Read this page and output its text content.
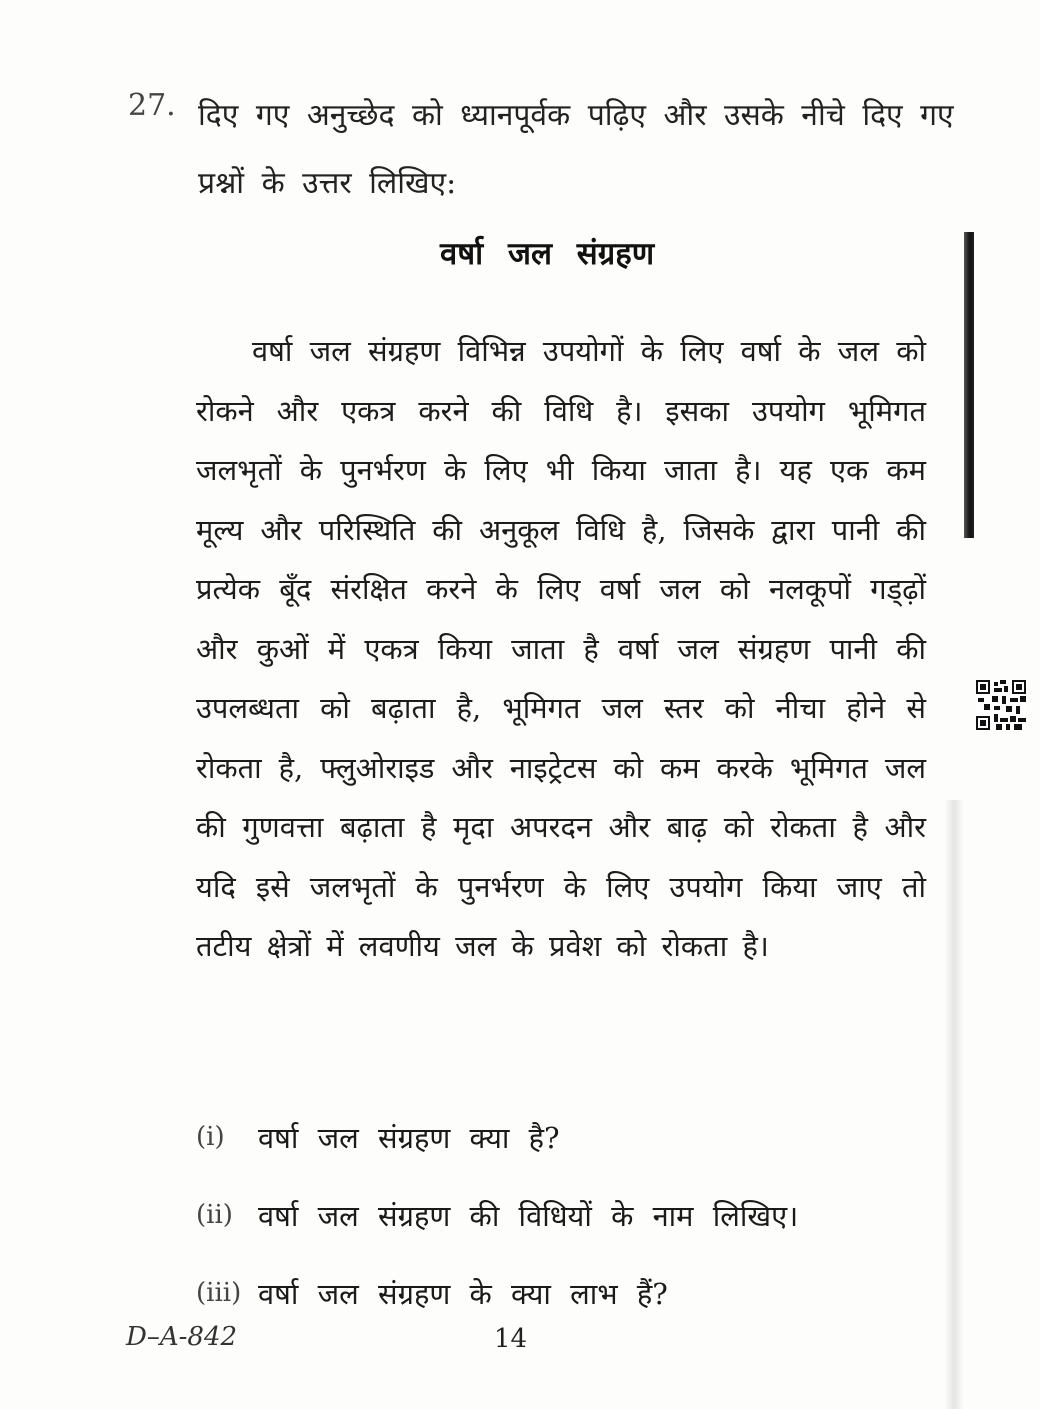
27. दिए गए अनुच्छेद को ध्यानपूर्वक पढ़िए और उसके नीचे दिए गए प्रश्नों के उत्तर लिखिए:
वर्षा जल संग्रहण
वर्षा जल संग्रहण विभिन्न उपयोगों के लिए वर्षा के जल को रोकने और एकत्र करने की विधि है। इसका उपयोग भूमिगत जलभृतों के पुनर्भरण के लिए भी किया जाता है। यह एक कम मूल्य और परिस्थिति की अनुकूल विधि है, जिसके द्वारा पानी की प्रत्येक बूँद संरक्षित करने के लिए वर्षा जल को नलकूपों गड्ढ़ों और कुओं में एकत्र किया जाता है वर्षा जल संग्रहण पानी की उपलब्धता को बढ़ाता है, भूमिगत जल स्तर को नीचा होने से रोकता है, फ्लुओराइड और नाइट्रेटस को कम करके भूमिगत जल की गुणवत्ता बढ़ाता है मृदा अपरदन और बाढ़ को रोकता है और यदि इसे जलभृतों के पुनर्भरण के लिए उपयोग किया जाए तो तटीय क्षेत्रों में लवणीय जल के प्रवेश को रोकता है।
(i)	वर्षा जल संग्रहण क्या है?
(ii) वर्षा जल संग्रहण की विधियों के नाम लिखिए।
(iii) वर्षा जल संग्रहण के क्या लाभ हैं?
D–A-842	14
